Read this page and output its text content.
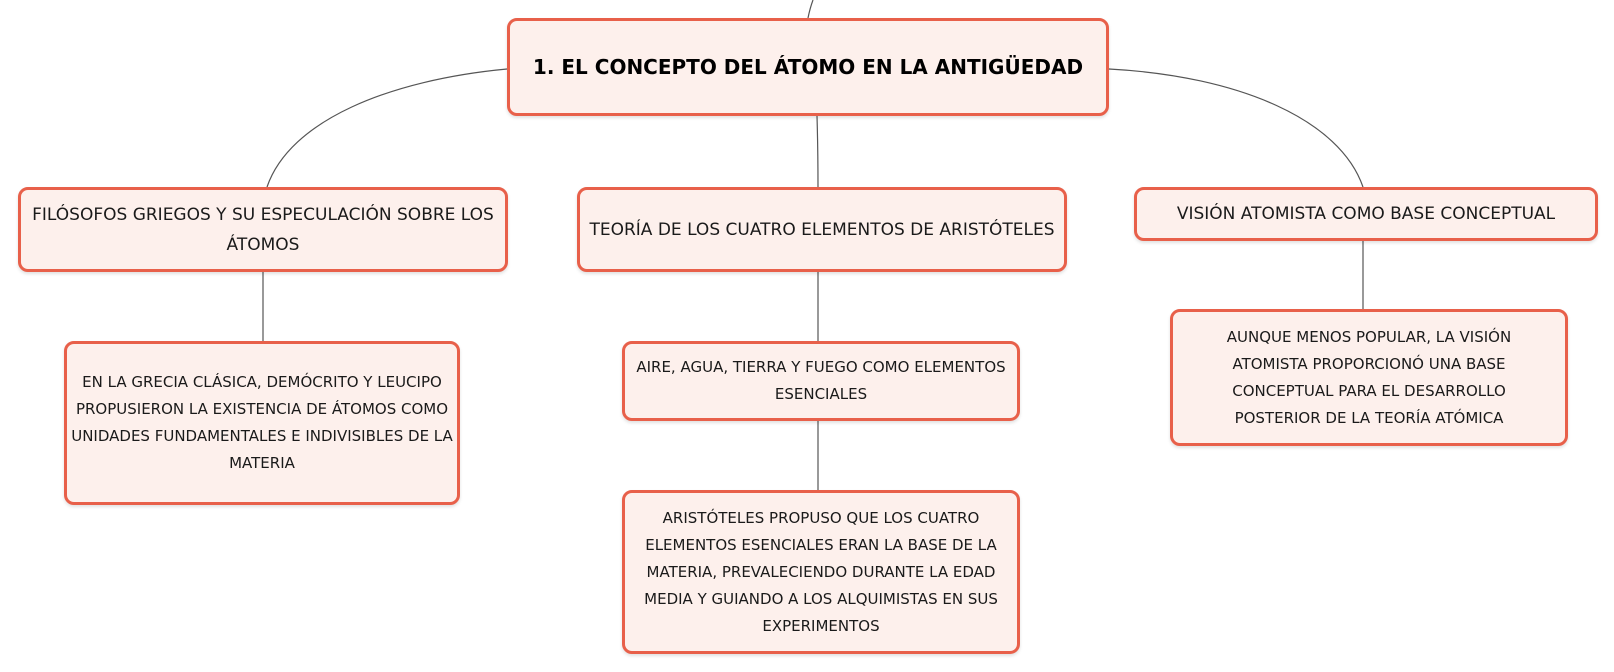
1. EL CONCEPTO DEL ÁTOMO EN LA ANTIGÜEDAD
FILÓSOFOS GRIEGOS Y SU ESPECULACIÓN SOBRE LOS ÁTOMOS
TEORÍA DE LOS CUATRO ELEMENTOS DE ARISTÓTELES
VISIÓN ATOMISTA COMO BASE CONCEPTUAL
EN LA GRECIA CLÁSICA, DEMÓCRITO Y LEUCIPO PROPUSIERON LA EXISTENCIA DE ÁTOMOS COMO UNIDADES FUNDAMENTALES E INDIVISIBLES DE LA MATERIA
AIRE, AGUA, TIERRA Y FUEGO COMO ELEMENTOS ESENCIALES
ARISTÓTELES PROPUSO QUE LOS CUATRO ELEMENTOS ESENCIALES ERAN LA BASE DE LA MATERIA, PREVALECIENDO DURANTE LA EDAD MEDIA Y GUIANDO A LOS ALQUIMISTAS EN SUS EXPERIMENTOS
AUNQUE MENOS POPULAR, LA VISIÓN ATOMISTA PROPORCIONÓ UNA BASE CONCEPTUAL PARA EL DESARROLLO POSTERIOR DE LA TEORÍA ATÓMICA
